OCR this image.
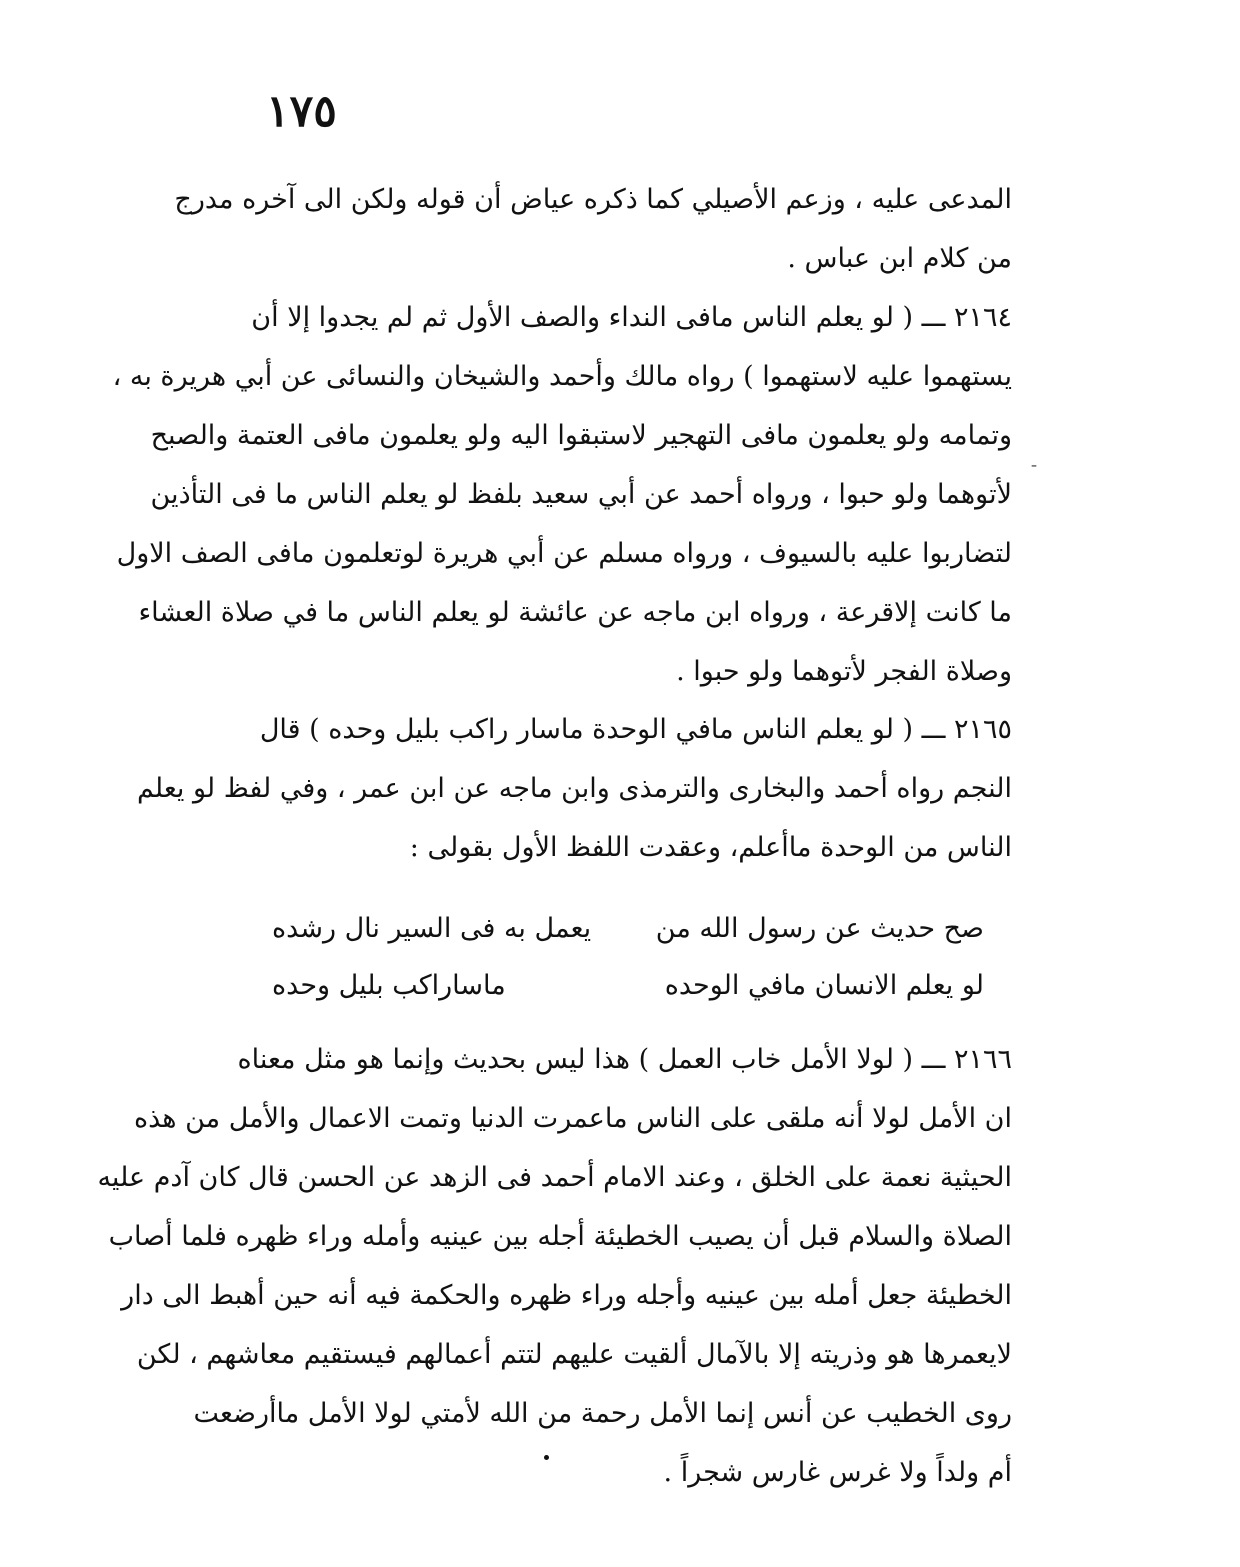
١٧٥
المدعى عليه ، وزعم الأصيلي كما ذكره عياض أن قوله ولكن الى آخره مدرج
من كلام ابن عباس .
٢١٦٤ ـــ ( لو يعلم الناس مافى النداء والصف الأول ثم لم يجدوا إلا أن
يستهموا عليه لاستهموا ) رواه مالك وأحمد والشيخان والنسائى عن أبي هريرة به ،
وتمامه ولو يعلمون مافى التهجير لاستبقوا اليه ولو يعلمون مافى العتمة والصبح
لأتوهما ولو حبوا ، ورواه أحمد عن أبي سعيد بلفظ لو يعلم الناس ما فى التأذين
لتضاربوا عليه بالسيوف ، ورواه مسلم عن أبي هريرة لوتعلمون مافى الصف الاول
ما كانت إلاقرعة ، ورواه ابن ماجه عن عائشة لو يعلم الناس ما في صلاة العشاء
وصلاة الفجر لأتوهما ولو حبوا .
٢١٦٥ ـــ ( لو يعلم الناس مافي الوحدة ماسار راكب بليل وحده ) قال
النجم رواه أحمد والبخارى والترمذى وابن ماجه عن ابن عمر ، وفي لفظ لو يعلم
الناس من الوحدة ماأعلم، وعقدت اللفظ الأول بقولى :
صح حديث عن رسول الله من
يعمل به فى السير نال رشده
لو يعلم الانسان مافي الوحده
ماساراكب بليل وحده
٢١٦٦ ـــ ( لولا الأمل خاب العمل ) هذا ليس بحديث وإنما هو مثل معناه
ان الأمل لولا أنه ملقى على الناس ماعمرت الدنيا وتمت الاعمال والأمل من هذه
الحيثية نعمة على الخلق ، وعند الامام أحمد فى الزهد عن الحسن قال كان آدم عليه
الصلاة والسلام قبل أن يصيب الخطيئة أجله بين عينيه وأمله وراء ظهره فلما أصاب
الخطيئة جعل أمله بين عينيه وأجله وراء ظهره والحكمة فيه أنه حين أهبط الى دار
لايعمرها هو وذريته إلا بالآمال ألقيت عليهم لتتم أعمالهم فيستقيم معاشهم ، لكن
روى الخطيب عن أنس إنما الأمل رحمة من الله لأمتي لولا الأمل ماأرضعت
أم ولداً ولا غرس غارس شجراً .
ˉ
